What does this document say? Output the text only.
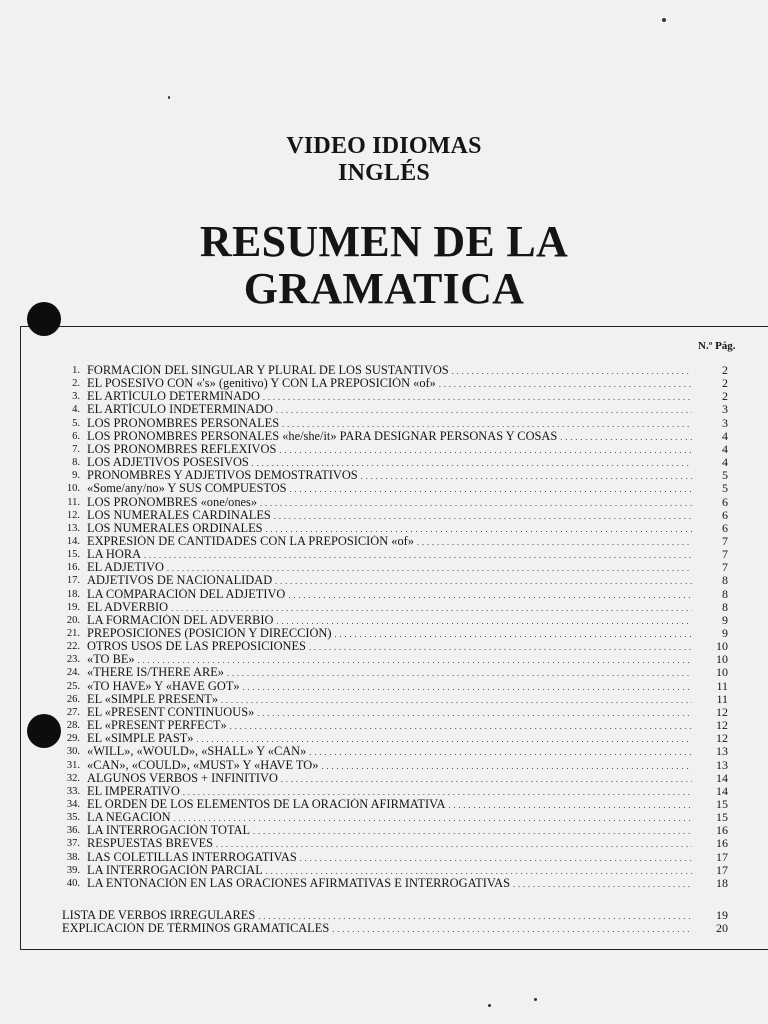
VIDEO IDIOMAS
INGLÉS
RESUMEN DE LA
GRAMATICA
N.º Pág.
1. FORMACIÓN DEL SINGULAR Y PLURAL DE LOS SUSTANTIVOS . . .	2
2. EL POSESIVO CON «'s» (genitivo) Y CON LA PREPOSICIÓN «of» . . .	2
3. EL ARTÍCULO DETERMINADO . . .	2
4. EL ARTÍCULO INDETERMINADO . . .	3
5. LOS PRONOMBRES PERSONALES . . .	3
6. LOS PRONOMBRES PERSONALES «he/she/it» PARA DESIGNAR PERSONAS Y COSAS . . .	4
7. LOS PRONOMBRES REFLEXIVOS . . .	4
8. LOS ADJETIVOS POSESIVOS . . .	4
9. PRONOMBRES Y ADJETIVOS DEMOSTRATIVOS . . .	5
10. «Some/any/no» Y SUS COMPUESTOS . . .	5
11. LOS PRONOMBRES «one/ones» . . .	6
12. LOS NUMERALES CARDINALES . . .	6
13. LOS NUMERALES ORDINALES . . .	6
14. EXPRESIÓN DE CANTIDADES CON LA PREPOSICIÓN «of» . . .	7
15. LA HORA . . .	7
16. EL ADJETIVO . . .	7
17. ADJETIVOS DE NACIONALIDAD . . .	8
18. LA COMPARACIÓN DEL ADJETIVO . . .	8
19. EL ADVERBIO . . .	8
20. LA FORMACIÓN DEL ADVERBIO . . .	9
21. PREPOSICIONES (POSICIÓN Y DIRECCIÓN) . . .	9
22. OTROS USOS DE LAS PREPOSICIONES . . .	10
23. «TO BE» . . .	10
24. «THERE IS/THERE ARE» . . .	10
25. «TO HAVE» Y «HAVE GOT» . . .	11
26. EL «SIMPLE PRESENT» . . .	11
27. EL «PRESENT CONTINUOUS» . . .	12
28. EL «PRESENT PERFECT» . . .	12
29. EL «SIMPLE PAST» . . .	12
30. «WILL», «WOULD», «SHALL» Y «CAN» . . .	13
31. «CAN», «COULD», «MUST» Y «HAVE TO» . . .	13
32. ALGUNOS VERBOS + INFINITIVO . . .	14
33. EL IMPERATIVO . . .	14
34. EL ORDEN DE LOS ELEMENTOS DE LA ORACIÓN AFIRMATIVA . . .	15
35. LA NEGACIÓN . . .	15
36. LA INTERROGACIÓN TOTAL . . .	16
37. RESPUESTAS BREVES . . .	16
38. LAS COLETILLAS INTERROGATIVAS . . .	17
39. LA INTERROGACIÓN PARCIAL . . .	17
40. LA ENTONACIÓN EN LAS ORACIONES AFIRMATIVAS E INTERROGATIVAS . . .	18
LISTA DE VERBOS IRREGULARES . . .	19
EXPLICACIÓN DE TÉRMINOS GRAMATICALES . . .	20
